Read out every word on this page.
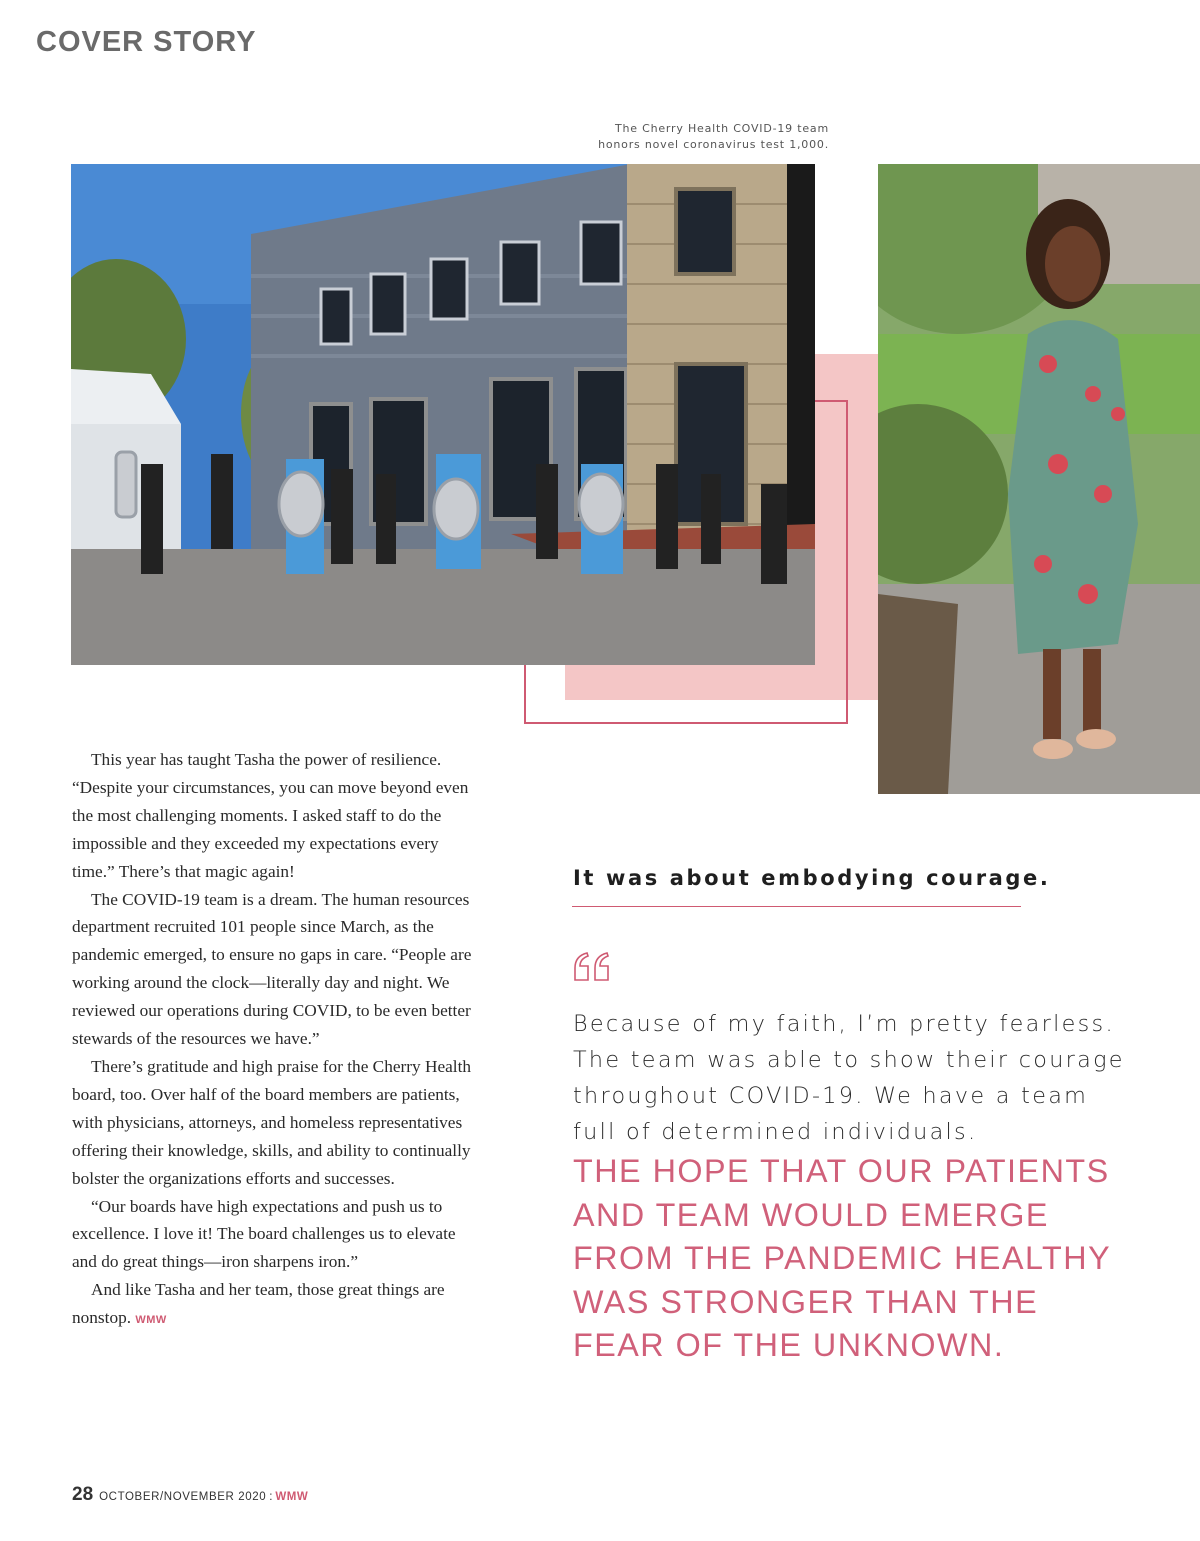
COVER STORY
The Cherry Health COVID-19 team
honors novel coronavirus test 1,000.

This year has taught Tasha the power of resilience. “Despite your circumstances, you can move beyond even the most challenging moments. I asked staff to do the impossible and they exceeded my expectations every time.” There’s that magic again!

The COVID-19 team is a dream. The human resources department recruited 101 people since March, as the pandemic emerged, to ensure no gaps in care. “People are working around the clock—literally day and night. We reviewed our operations during COVID, to be even better stewards of the resources we have.”

There’s gratitude and high praise for the Cherry Health board, too. Over half of the board members are patients, with physicians, attorneys, and homeless representatives offering their knowledge, skills, and ability to continually bolster the organizations efforts and successes.

“Our boards have high expectations and push us to excellence. I love it! The board challenges us to elevate and do great things—iron sharpens iron.”

And like Tasha and her team, those great things are nonstop. WMW

It was about embodying courage.
Because of my faith, I’m pretty fearless.
The team was able to show their courage
throughout COVID-19. We have a team
full of determined individuals.
THE HOPE THAT OUR PATIENTS
AND TEAM WOULD EMERGE
FROM THE PANDEMIC HEALTHY
WAS STRONGER THAN THE
FEAR OF THE UNKNOWN.
28 OCTOBER/NOVEMBER 2020 : WMW
